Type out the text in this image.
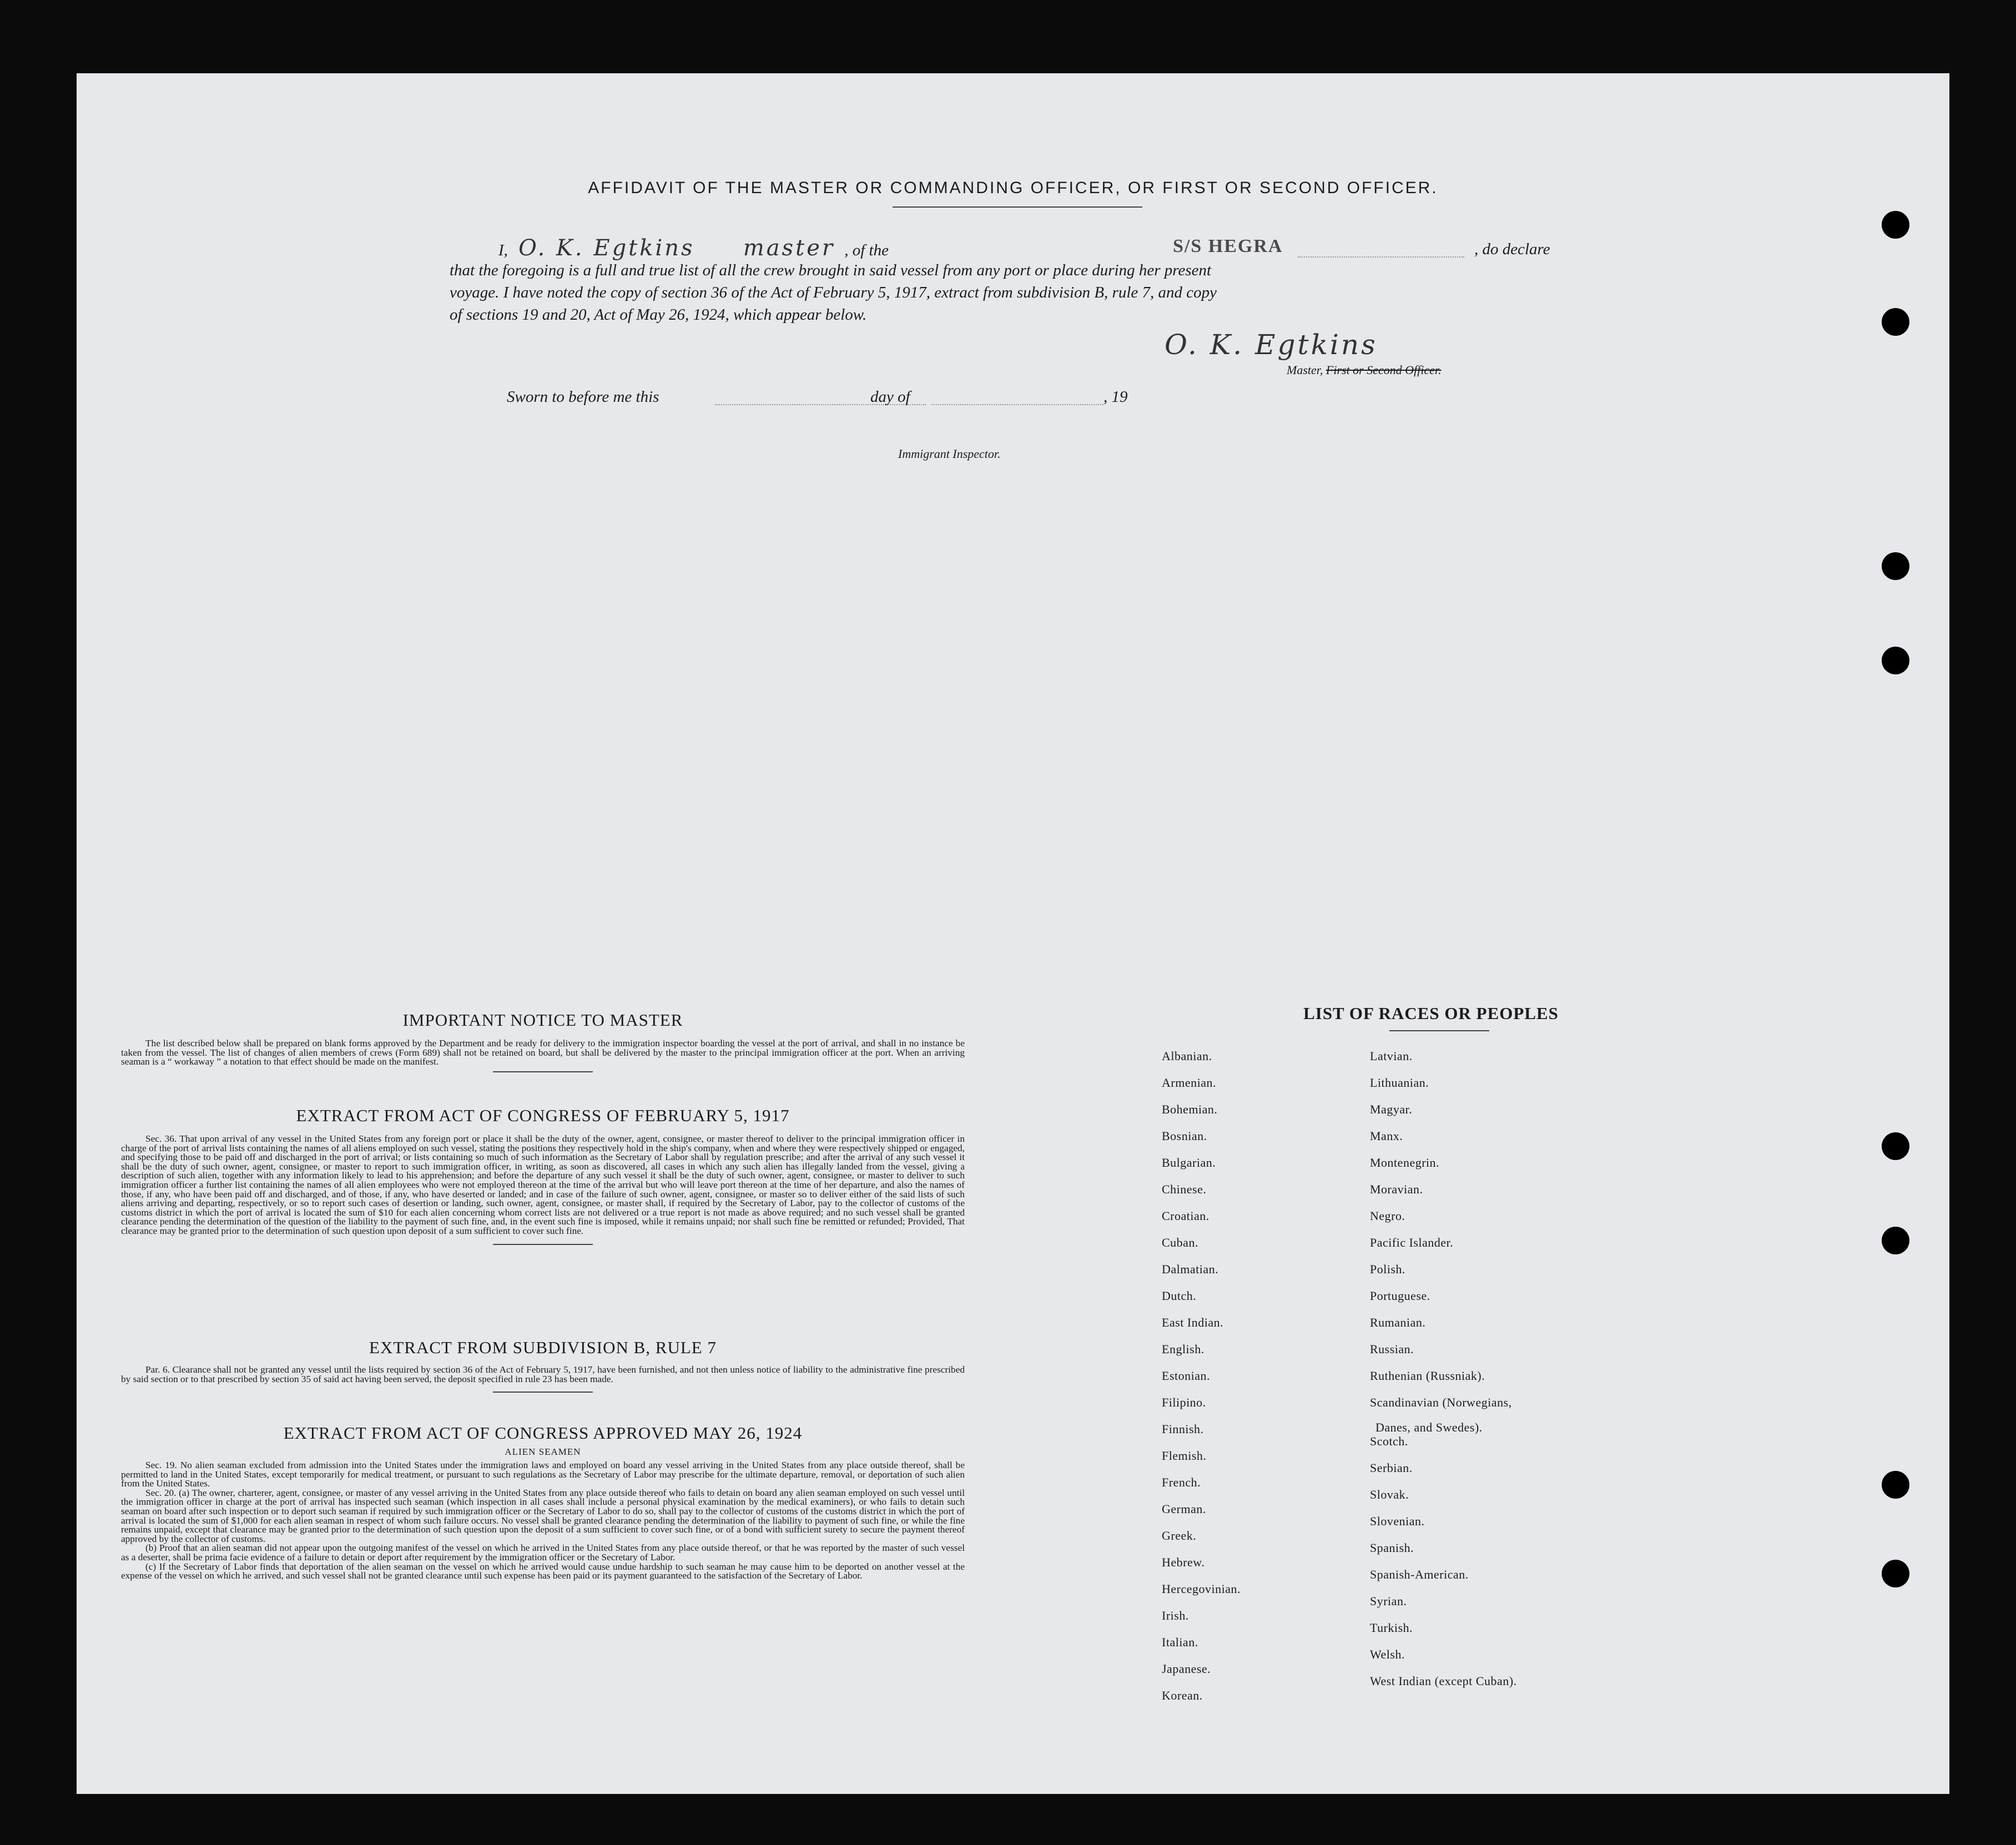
AFFIDAVIT OF THE MASTER OR COMMANDING OFFICER, OR FIRST OR SECOND OFFICER.
I, O. K. Egtkins master , of the	S/S HEGRA	, do declare
that the foregoing is a full and true list of all the crew brought in said vessel from any port or place during her present
voyage. I have noted the copy of section 36 of the Act of February 5, 1917, extract from subdivision B, rule 7, and copy
of sections 19 and 20, Act of May 26, 1924, which appear below.
O. K. Egtkins
Master, First or Second Officer.
Sworn to before me this	day of	, 19
Immigrant Inspector.
IMPORTANT NOTICE TO MASTER

The list described below shall be prepared on blank forms approved by the Department and be ready for delivery to the immigration inspector boarding the vessel at the port of arrival, and shall in no instance be taken from the vessel. The list of changes of alien members of crews (Form 689) shall not be retained on board, but shall be delivered by the master to the principal immigration officer at the port. When an arriving seaman is a “ workaway ” a notation to that effect should be made on the manifest.

EXTRACT FROM ACT OF CONGRESS OF FEBRUARY 5, 1917

Sec. 36. That upon arrival of any vessel in the United States from any foreign port or place it shall be the duty of the owner, agent, consignee, or master thereof to deliver to the principal immigration officer in charge of the port of arrival lists containing the names of all aliens employed on such vessel, stating the positions they respectively hold in the ship's company, when and where they were respectively shipped or engaged, and specifying those to be paid off and discharged in the port of arrival; or lists containing so much of such information as the Secretary of Labor shall by regulation prescribe; and after the arrival of any such vessel it shall be the duty of such owner, agent, consignee, or master to report to such immigration officer, in writing, as soon as discovered, all cases in which any such alien has illegally landed from the vessel, giving a description of such alien, together with any information likely to lead to his apprehension; and before the departure of any such vessel it shall be the duty of such owner, agent, consignee, or master to deliver to such immigration officer a further list containing the names of all alien employees who were not employed thereon at the time of the arrival but who will leave port thereon at the time of her departure, and also the names of those, if any, who have been paid off and discharged, and of those, if any, who have deserted or landed; and in case of the failure of such owner, agent, consignee, or master so to deliver either of the said lists of such aliens arriving and departing, respectively, or so to report such cases of desertion or landing, such owner, agent, consignee, or master shall, if required by the Secretary of Labor, pay to the collector of customs of the customs district in which the port of arrival is located the sum of $10 for each alien concerning whom correct lists are not delivered or a true report is not made as above required; and no such vessel shall be granted clearance pending the determination of the question of the liability to the payment of such fine, and, in the event such fine is imposed, while it remains unpaid; nor shall such fine be remitted or refunded; Provided, That clearance may be granted prior to the determination of such question upon deposit of a sum sufficient to cover such fine.

EXTRACT FROM SUBDIVISION B, RULE 7

Par. 6. Clearance shall not be granted any vessel until the lists required by section 36 of the Act of February 5, 1917, have been furnished, and not then unless notice of liability to the administrative fine prescribed by said section or to that prescribed by section 35 of said act having been served, the deposit specified in rule 23 has been made.

EXTRACT FROM ACT OF CONGRESS APPROVED MAY 26, 1924
ALIEN SEAMEN

Sec. 19. No alien seaman excluded from admission into the United States under the immigration laws and employed on board any vessel arriving in the United States from any place outside thereof, shall be permitted to land in the United States, except temporarily for medical treatment, or pursuant to such regulations as the Secretary of Labor may prescribe for the ultimate departure, removal, or deportation of such alien from the United States.

Sec. 20. (a) The owner, charterer, agent, consignee, or master of any vessel arriving in the United States from any place outside thereof who fails to detain on board any alien seaman employed on such vessel until the immigration officer in charge at the port of arrival has inspected such seaman (which inspection in all cases shall include a personal physical examination by the medical examiners), or who fails to detain such seaman on board after such inspection or to deport such seaman if required by such immigration officer or the Secretary of Labor to do so, shall pay to the collector of customs of the customs district in which the port of arrival is located the sum of $1,000 for each alien seaman in respect of whom such failure occurs. No vessel shall be granted clearance pending the determination of the liability to payment of such fine, or while the fine remains unpaid, except that clearance may be granted prior to the determination of such question upon the deposit of a sum sufficient to cover such fine, or of a bond with sufficient surety to secure the payment thereof approved by the collector of customs.

(b) Proof that an alien seaman did not appear upon the outgoing manifest of the vessel on which he arrived in the United States from any place outside thereof, or that he was reported by the master of such vessel as a deserter, shall be prima facie evidence of a failure to detain or deport after requirement by the immigration officer or the Secretary of Labor.

(c) If the Secretary of Labor finds that deportation of the alien seaman on the vessel on which he arrived would cause undue hardship to such seaman he may cause him to be deported on another vessel at the expense of the vessel on which he arrived, and such vessel shall not be granted clearance until such expense has been paid or its payment guaranteed to the satisfaction of the Secretary of Labor.

LIST OF RACES OR PEOPLES
Danes, and Swedes).
Albanian.
Armenian.
Bohemian.
Bosnian.
Bulgarian.
Chinese.
Croatian.
Cuban.
Dalmatian.
Dutch.
East Indian.
English.
Estonian.
Filipino.
Finnish.
Flemish.
French.
German.
Greek.
Hebrew.
Hercegovinian.
Irish.
Italian.
Japanese.
Korean.
Latvian.
Lithuanian.
Magyar.
Manx.
Montenegrin.
Moravian.
Negro.
Pacific Islander.
Polish.
Portuguese.
Rumanian.
Russian.
Ruthenian (Russniak).
Scandinavian (Norwegians,
Scotch.
Serbian.
Slovak.
Slovenian.
Spanish.
Spanish-American.
Syrian.
Turkish.
Welsh.
West Indian (except Cuban).
